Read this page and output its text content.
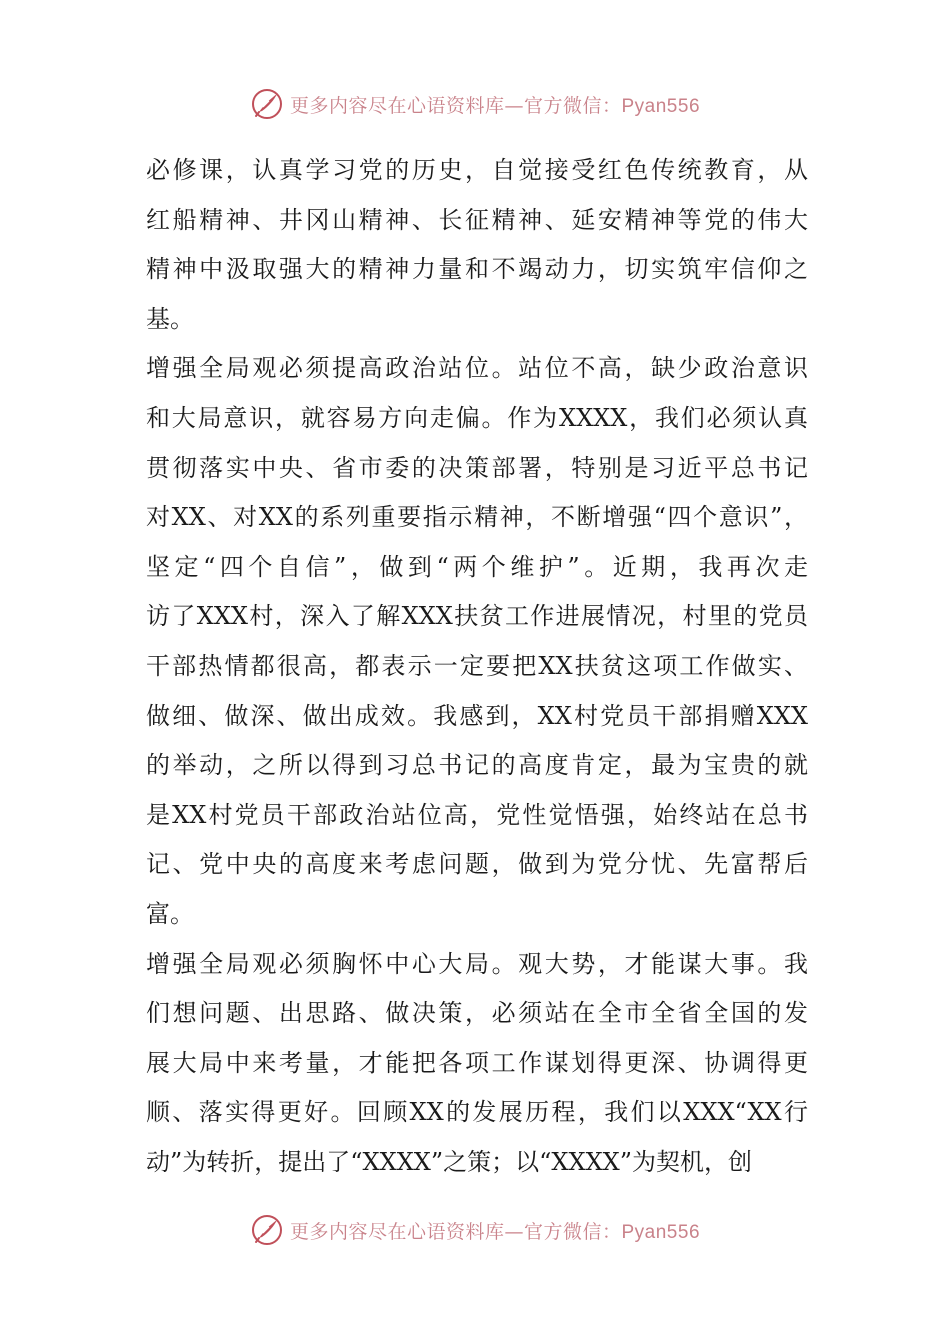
更多内容尽在心语资料库—官方微信：Pyan556
必修课，认真学习党的历史，自觉接受红色传统教育，从
红船精神、井冈山精神、长征精神、延安精神等党的伟大
精神中汲取强大的精神力量和不竭动力，切实筑牢信仰之
基。
增强全局观必须提高政治站位。站位不高，缺少政治意识
和大局意识，就容易方向走偏。作为XXXX，我们必须认真
贯彻落实中央、省市委的决策部署，特别是习近平总书记
对XX、对XX的系列重要指示精神，不断增强“四个意识”，
坚定“四个自信”，做到“两个维护”。近期，我再次走
访了XXX村，深入了解XXX扶贫工作进展情况，村里的党员
干部热情都很高，都表示一定要把XX扶贫这项工作做实、
做细、做深、做出成效。我感到，XX村党员干部捐赠XXX
的举动，之所以得到习总书记的高度肯定，最为宝贵的就
是XX村党员干部政治站位高，党性觉悟强，始终站在总书
记、党中央的高度来考虑问题，做到为党分忧、先富帮后
富。
增强全局观必须胸怀中心大局。观大势，才能谋大事。我
们想问题、出思路、做决策，必须站在全市全省全国的发
展大局中来考量，才能把各项工作谋划得更深、协调得更
顺、落实得更好。回顾XX的发展历程，我们以XXX“XX行
动”为转折，提出了“XXXX”之策；以“XXXX”为契机，创
更多内容尽在心语资料库—官方微信：Pyan556
